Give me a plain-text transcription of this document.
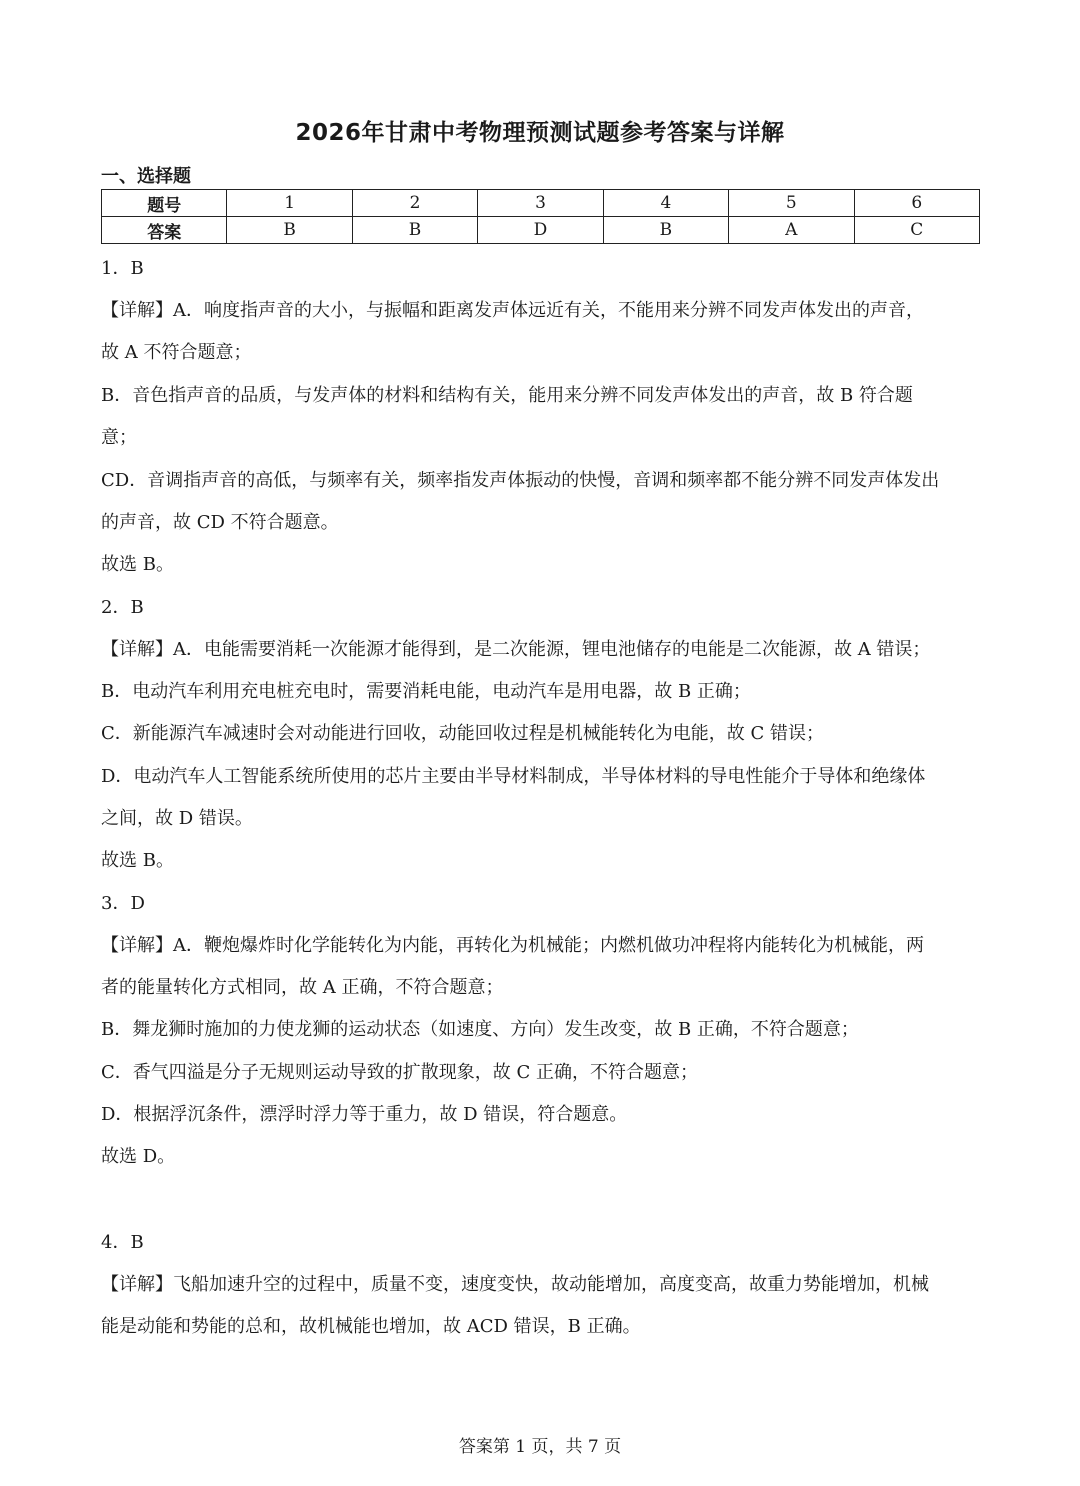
2026年甘肃中考物理预测试题参考答案与详解
一、选择题
题号	1	2	3	4	5	6
答案	B	B	D	B	A	C
1．B
【详解】A．响度指声音的大小，与振幅和距离发声体远近有关，不能用来分辨不同发声体发出的声音，
故 A 不符合题意；
B．音色指声音的品质，与发声体的材料和结构有关，能用来分辨不同发声体发出的声音，故 B 符合题
意；
CD．音调指声音的高低，与频率有关，频率指发声体振动的快慢，音调和频率都不能分辨不同发声体发出
的声音，故 CD 不符合题意。
故选 B。
2．B
【详解】A．电能需要消耗一次能源才能得到，是二次能源，锂电池储存的电能是二次能源，故 A 错误；
B．电动汽车利用充电桩充电时，需要消耗电能，电动汽车是用电器，故 B 正确；
C．新能源汽车减速时会对动能进行回收，动能回收过程是机械能转化为电能，故 C 错误；
D．电动汽车人工智能系统所使用的芯片主要由半导材料制成，半导体材料的导电性能介于导体和绝缘体
之间，故 D 错误。
故选 B。
3．D
【详解】A．鞭炮爆炸时化学能转化为内能，再转化为机械能；内燃机做功冲程将内能转化为机械能，两
者的能量转化方式相同，故 A 正确，不符合题意；
B．舞龙狮时施加的力使龙狮的运动状态（如速度、方向）发生改变，故 B 正确，不符合题意；
C．香气四溢是分子无规则运动导致的扩散现象，故 C 正确，不符合题意；
D．根据浮沉条件，漂浮时浮力等于重力，故 D 错误，符合题意。
故选 D。
4．B
【详解】飞船加速升空的过程中，质量不变，速度变快，故动能增加，高度变高，故重力势能增加，机械
能是动能和势能的总和，故机械能也增加，故 ACD 错误，B 正确。
答案第 1 页，共 7 页
